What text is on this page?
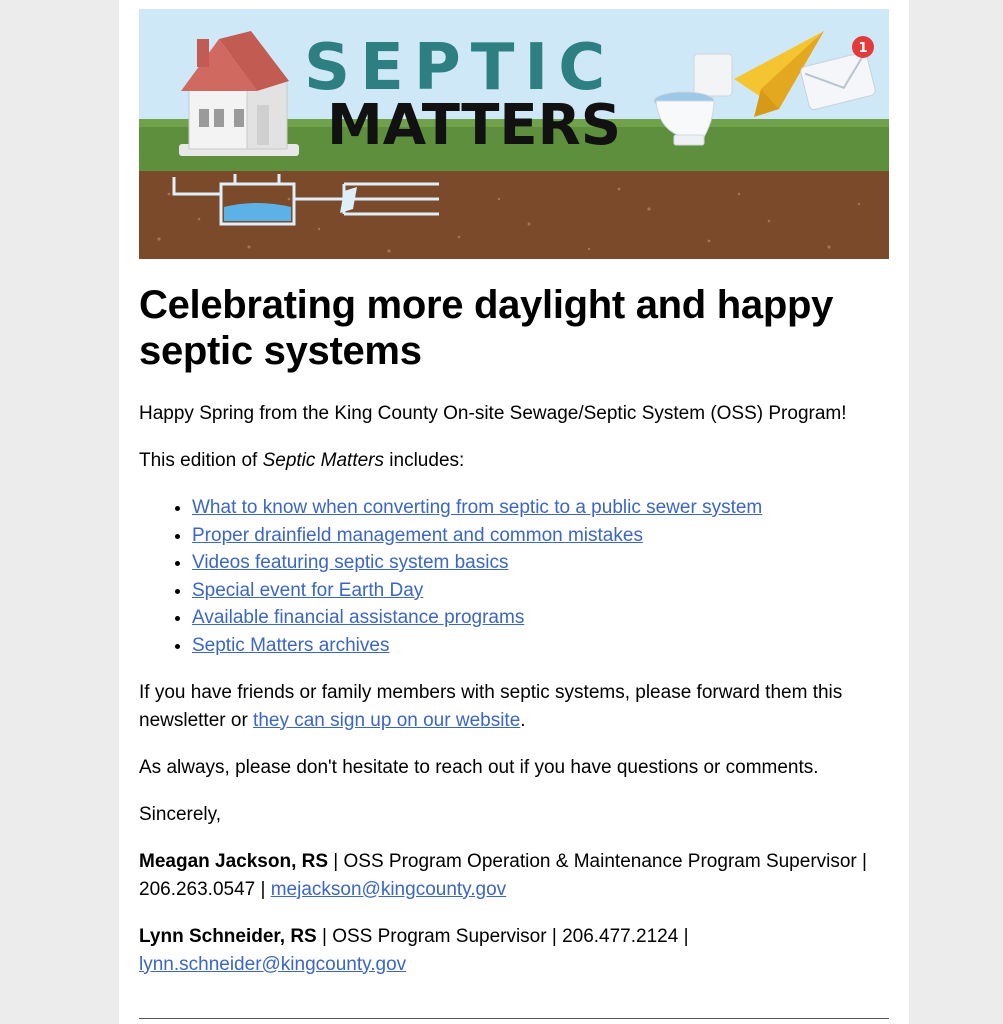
SEPTIC
MATTERS
1
Celebrating more daylight and happy septic systems

Happy Spring from the King County On-site Sewage/Septic System (OSS) Program!

This edition of Septic Matters includes:

• What to know when converting from septic to a public sewer system
• Proper drainfield management and common mistakes
• Videos featuring septic system basics
• Special event for Earth Day
• Available financial assistance programs
• Septic Matters archives

If you have friends or family members with septic systems, please forward them this newsletter or they can sign up on our website.

As always, please don't hesitate to reach out if you have questions or comments.

Sincerely,

Meagan Jackson, RS | OSS Program Operation & Maintenance Program Supervisor | 206.263.0547 | mejackson@kingcounty.gov

Lynn Schneider, RS | OSS Program Supervisor | 206.477.2124 | lynn.schneider@kingcounty.gov
